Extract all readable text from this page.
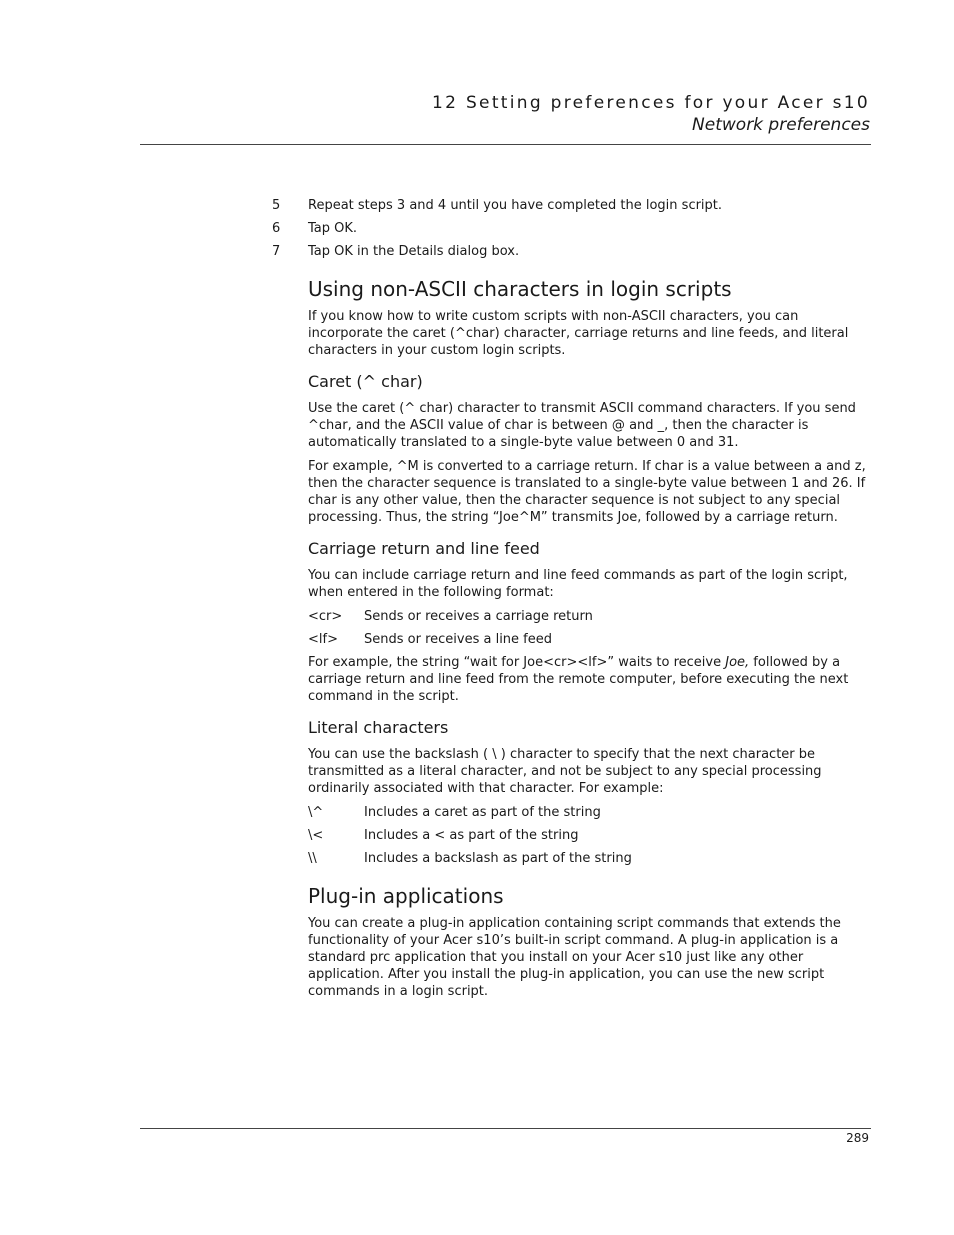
12 Setting preferences for your Acer s10
Network preferences
5	Repeat steps 3 and 4 until you have completed the login script.
6	Tap OK.
7	Tap OK in the Details dialog box.
Using non-ASCII characters in login scripts

If you know how to write custom scripts with non-ASCII characters, you can incorporate the caret (^char) character, carriage returns and line feeds, and literal characters in your custom login scripts.

Caret (^ char)

Use the caret (^ char) character to transmit ASCII command characters. If you send ^char, and the ASCII value of char is between @ and _, then the character is automatically translated to a single-byte value between 0 and 31.

For example, ^M is converted to a carriage return. If char is a value between a and z, then the character sequence is translated to a single-byte value between 1 and 26. If char is any other value, then the character sequence is not subject to any special processing. Thus, the string “Joe^M” transmits Joe, followed by a carriage return.

Carriage return and line feed

You can include carriage return and line feed commands as part of the login script, when entered in the following format:

<cr>	Sends or receives a carriage return
<lf>	Sends or receives a line feed

For example, the string “wait for Joe<cr><lf>” waits to receive Joe, followed by a carriage return and line feed from the remote computer, before executing the next command in the script.

Literal characters

You can use the backslash ( \ ) character to specify that the next character be transmitted as a literal character, and not be subject to any special processing ordinarily associated with that character. For example:

\^	Includes a caret as part of the string
\<	Includes a < as part of the string
\\	Includes a backslash as part of the string
Plug-in applications

You can create a plug-in application containing script commands that extends the functionality of your Acer s10’s built-in script command. A plug-in application is a standard prc application that you install on your Acer s10 just like any other application. After you install the plug-in application, you can use the new script commands in a login script.

289
